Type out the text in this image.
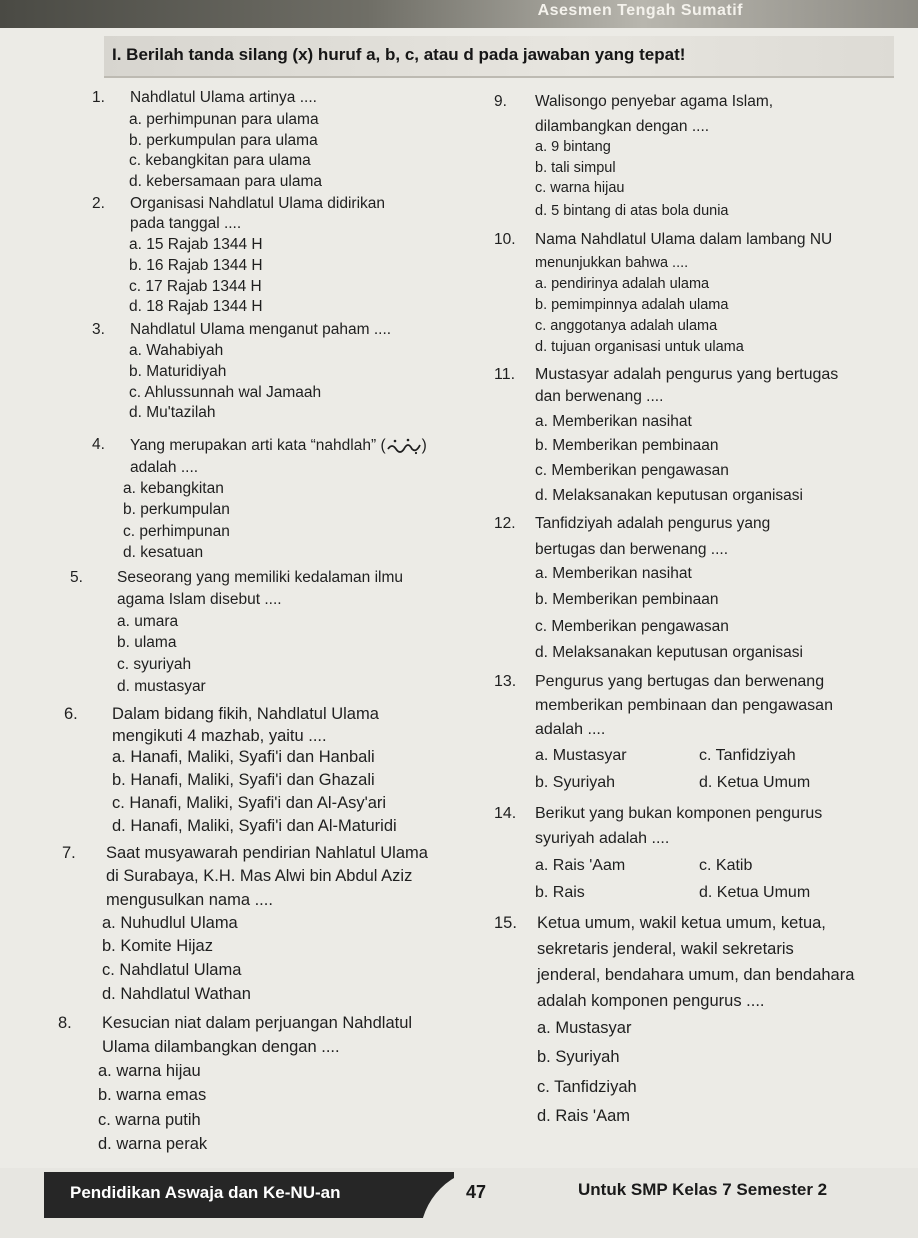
Asesmen Tengah Sumatif
I. Berilah tanda silang (x) huruf a, b, c, atau d pada jawaban yang tepat!
1. Nahdlatul Ulama artinya ....
a. perhimpunan para ulama
b. perkumpulan para ulama
c. kebangkitan para ulama
d. kebersamaan para ulama
2. Organisasi Nahdlatul Ulama didirikan
pada tanggal ....
a. 15 Rajab 1344 H
b. 16 Rajab 1344 H
c. 17 Rajab 1344 H
d. 18 Rajab 1344 H
3. Nahdlatul Ulama menganut paham ....
a. Wahabiyah
b. Maturidiyah
c. Ahlussunnah wal Jamaah
d. Mu'tazilah
4. Yang merupakan arti kata “nahdlah” ( )
adalah ....
a. kebangkitan
b. perkumpulan
c. perhimpunan
d. kesatuan
5. Seseorang yang memiliki kedalaman ilmu
agama Islam disebut ....
a. umara
b. ulama
c. syuriyah
d. mustasyar
6. Dalam bidang fikih, Nahdlatul Ulama
mengikuti 4 mazhab, yaitu ....
a. Hanafi, Maliki, Syafi'i dan Hanbali
b. Hanafi, Maliki, Syafi'i dan Ghazali
c. Hanafi, Maliki, Syafi'i dan Al-Asy'ari
d. Hanafi, Maliki, Syafi'i dan Al-Maturidi
7. Saat musyawarah pendirian Nahlatul Ulama
di Surabaya, K.H. Mas Alwi bin Abdul Aziz
mengusulkan nama ....
a. Nuhudlul Ulama
b. Komite Hijaz
c. Nahdlatul Ulama
d. Nahdlatul Wathan
8. Kesucian niat dalam perjuangan Nahdlatul
Ulama dilambangkan dengan ....
a. warna hijau
b. warna emas
c. warna putih
d. warna perak
9. Walisongo penyebar agama Islam,
dilambangkan dengan ....
a. 9 bintang
b. tali simpul
c. warna hijau
d. 5 bintang di atas bola dunia
10. Nama Nahdlatul Ulama dalam lambang NU
menunjukkan bahwa ....
a. pendirinya adalah ulama
b. pemimpinnya adalah ulama
c. anggotanya adalah ulama
d. tujuan organisasi untuk ulama
11. Mustasyar adalah pengurus yang bertugas
dan berwenang ....
a. Memberikan nasihat
b. Memberikan pembinaan
c. Memberikan pengawasan
d. Melaksanakan keputusan organisasi
12. Tanfidziyah adalah pengurus yang
bertugas dan berwenang ....
a. Memberikan nasihat
b. Memberikan pembinaan
c. Memberikan pengawasan
d. Melaksanakan keputusan organisasi
13. Pengurus yang bertugas dan berwenang
memberikan pembinaan dan pengawasan
adalah ....
a. Mustasyar	c. Tanfidziyah
b. Syuriyah	d. Ketua Umum
14. Berikut yang bukan komponen pengurus
syuriyah adalah ....
a. Rais 'Aam	c. Katib
b. Rais	d. Ketua Umum
15. Ketua umum, wakil ketua umum, ketua,
sekretaris jenderal, wakil sekretaris
jenderal, bendahara umum, dan bendahara
adalah komponen pengurus ....
a. Mustasyar
b. Syuriyah
c. Tanfidziyah
d. Rais 'Aam
Pendidikan Aswaja dan Ke-NU-an	47	Untuk SMP Kelas 7 Semester 2
